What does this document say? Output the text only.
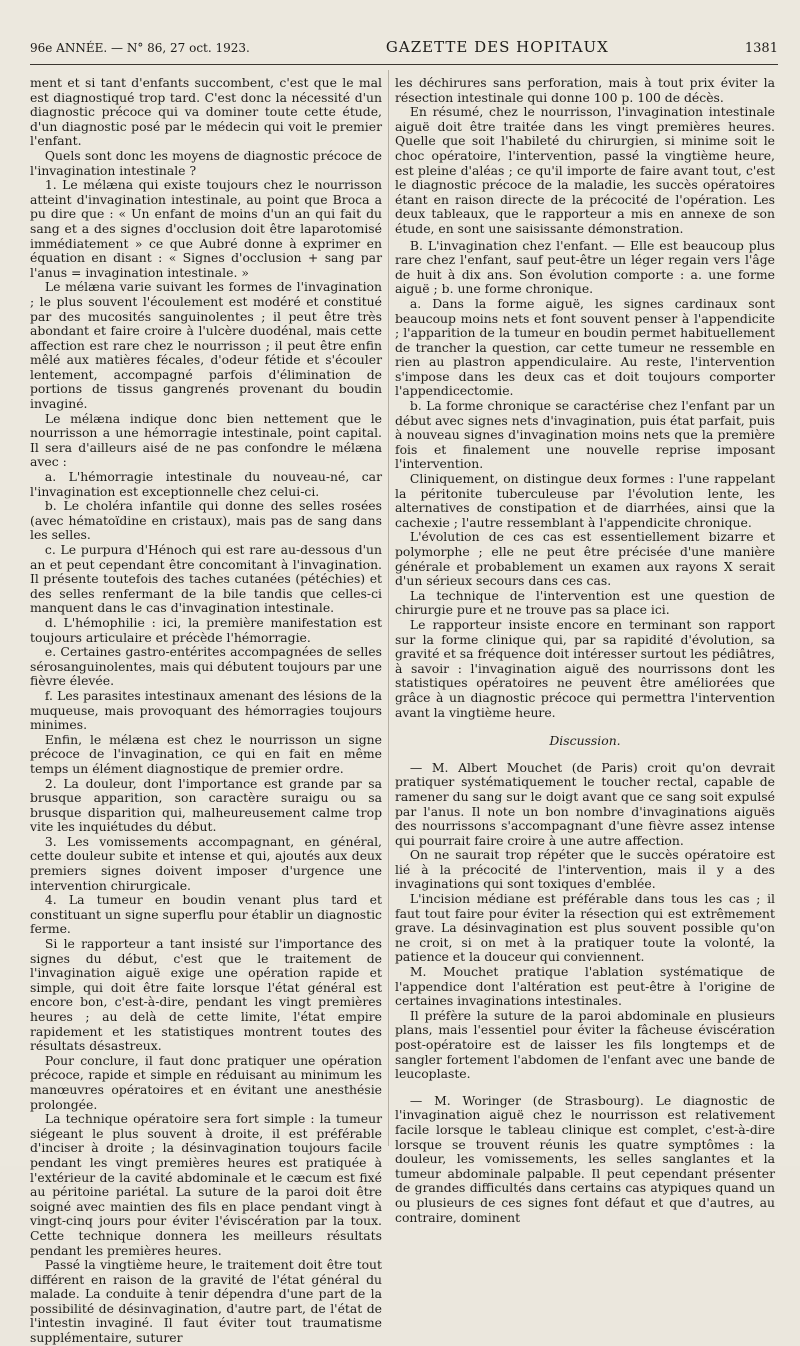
96e ANNÉE. — N° 86, 27 oct. 1923.	GAZETTE DES HOPITAUX	1381

ment et si tant d'enfants succombent, c'est que le mal est diagnostiqué trop tard. C'est donc la nécessité d'un diagnostic précoce qui va dominer toute cette étude, d'un diagnostic posé par le médecin qui voit le premier l'enfant.

Quels sont donc les moyens de diagnostic précoce de l'invagination intestinale ?

1. Le mélæna qui existe toujours chez le nourrisson atteint d'invagination intestinale, au point que Broca a pu dire que : « Un enfant de moins d'un an qui fait du sang et a des signes d'occlusion doit être laparotomisé immédiatement » ce que Aubré donne à exprimer en équation en disant : « Signes d'occlusion + sang par l'anus = invagination intestinale. »

Le mélæna varie suivant les formes de l'invagination ; le plus souvent l'écoulement est modéré et constitué par des mucosités sanguinolentes ; il peut être très abondant et faire croire à l'ulcère duodénal, mais cette affection est rare chez le nourrisson ; il peut être enfin mêlé aux matières fécales, d'odeur fétide et s'écouler lentement, accompagné parfois d'élimination de portions de tissus gangrenés provenant du boudin invaginé.

Le mélæna indique donc bien nettement que le nourrisson a une hémorragie intestinale, point capital. Il sera d'ailleurs aisé de ne pas confondre le mélæna avec :

a. L'hémorragie intestinale du nouveau-né, car l'invagination est exceptionnelle chez celui-ci.

b. Le choléra infantile qui donne des selles rosées (avec hématoïdine en cristaux), mais pas de sang dans les selles.

c. Le purpura d'Hénoch qui est rare au-dessous d'un an et peut cependant être concomitant à l'invagination. Il présente toutefois des taches cutanées (pétéchies) et des selles renfermant de la bile tandis que celles-ci manquent dans le cas d'invagination intestinale.

d. L'hémophilie : ici, la première manifestation est toujours articulaire et précède l'hémorragie.

e. Certaines gastro-entérites accompagnées de selles sérosanguinolentes, mais qui débutent toujours par une fièvre élevée.

f. Les parasites intestinaux amenant des lésions de la muqueuse, mais provoquant des hémorragies toujours minimes.

Enfin, le mélæna est chez le nourrisson un signe précoce de l'invagination, ce qui en fait en même temps un élément diagnostique de premier ordre.

2. La douleur, dont l'importance est grande par sa brusque apparition, son caractère suraigu ou sa brusque disparition qui, malheureusement calme trop vite les inquiétudes du début.

3. Les vomissements accompagnant, en général, cette douleur subite et intense et qui, ajoutés aux deux premiers signes doivent imposer d'urgence une intervention chirurgicale.

4. La tumeur en boudin venant plus tard et constituant un signe superflu pour établir un diagnostic ferme.

Si le rapporteur a tant insisté sur l'importance des signes du début, c'est que le traitement de l'invagination aiguë exige une opération rapide et simple, qui doit être faite lorsque l'état général est encore bon, c'est-à-dire, pendant les vingt premières heures ; au delà de cette limite, l'état empire rapidement et les statistiques montrent toutes des résultats désastreux.

Pour conclure, il faut donc pratiquer une opération précoce, rapide et simple en réduisant au minimum les manœuvres opératoires et en évitant une anesthésie prolongée.

La technique opératoire sera fort simple : la tumeur siégeant le plus souvent à droite, il est préférable d'inciser à droite ; la désinvagination toujours facile pendant les vingt premières heures est pratiquée à l'extérieur de la cavité abdominale et le cæcum est fixé au péritoine pariétal. La suture de la paroi doit être soigné avec maintien des fils en place pendant vingt à vingt-cinq jours pour éviter l'éviscération par la toux. Cette technique donnera les meilleurs résultats pendant les premières heures.

Passé la vingtième heure, le traitement doit être tout différent en raison de la gravité de l'état général du malade. La conduite à tenir dépendra d'une part de la possibilité de désinvagination, d'autre part, de l'état de l'intestin invaginé. Il faut éviter tout traumatisme supplémentaire, suturer

les déchirures sans perforation, mais à tout prix éviter la résection intestinale qui donne 100 p. 100 de décès.

En résumé, chez le nourrisson, l'invagination intestinale aiguë doit être traitée dans les vingt premières heures. Quelle que soit l'habileté du chirurgien, si minime soit le choc opératoire, l'intervention, passé la vingtième heure, est pleine d'aléas ; ce qu'il importe de faire avant tout, c'est le diagnostic précoce de la maladie, les succès opératoires étant en raison directe de la précocité de l'opération. Les deux tableaux, que le rapporteur a mis en annexe de son étude, en sont une saisissante démonstration.

B. L'invagination chez l'enfant. — Elle est beaucoup plus rare chez l'enfant, sauf peut-être un léger regain vers l'âge de huit à dix ans. Son évolution comporte : a. une forme aiguë ; b. une forme chronique.

a. Dans la forme aiguë, les signes cardinaux sont beaucoup moins nets et font souvent penser à l'appendicite ; l'apparition de la tumeur en boudin permet habituellement de trancher la question, car cette tumeur ne ressemble en rien au plastron appendiculaire. Au reste, l'intervention s'impose dans les deux cas et doit toujours comporter l'appendicectomie.

b. La forme chronique se caractérise chez l'enfant par un début avec signes nets d'invagination, puis état parfait, puis à nouveau signes d'invagination moins nets que la première fois et finalement une nouvelle reprise imposant l'intervention.

Cliniquement, on distingue deux formes : l'une rappelant la péritonite tuberculeuse par l'évolution lente, les alternatives de constipation et de diarrhées, ainsi que la cachexie ; l'autre ressemblant à l'appendicite chronique.

L'évolution de ces cas est essentiellement bizarre et polymorphe ; elle ne peut être précisée d'une manière générale et probablement un examen aux rayons X serait d'un sérieux secours dans ces cas.

La technique de l'intervention est une question de chirurgie pure et ne trouve pas sa place ici.

Le rapporteur insiste encore en terminant son rapport sur la forme clinique qui, par sa rapidité d'évolution, sa gravité et sa fréquence doit intéresser surtout les pédiâtres, à savoir : l'invagination aiguë des nourrissons dont les statistiques opératoires ne peuvent être améliorées que grâce à un diagnostic précoce qui permettra l'intervention avant la vingtième heure.

Discussion.

— M. Albert Mouchet (de Paris) croit qu'on devrait pratiquer systématiquement le toucher rectal, capable de ramener du sang sur le doigt avant que ce sang soit expulsé par l'anus. Il note un bon nombre d'invaginations aiguës des nourrissons s'accompagnant d'une fièvre assez intense qui pourrait faire croire à une autre affection.

On ne saurait trop répéter que le succès opératoire est lié à la précocité de l'intervention, mais il y a des invaginations qui sont toxiques d'emblée.

L'incision médiane est préférable dans tous les cas ; il faut tout faire pour éviter la résection qui est extrêmement grave. La désinvagination est plus souvent possible qu'on ne croit, si on met à la pratiquer toute la volonté, la patience et la douceur qui conviennent.

M. Mouchet pratique l'ablation systématique de l'appendice dont l'altération est peut-être à l'origine de certaines invaginations intestinales.

Il préfère la suture de la paroi abdominale en plusieurs plans, mais l'essentiel pour éviter la fâcheuse éviscération post-opératoire est de laisser les fils longtemps et de sangler fortement l'abdomen de l'enfant avec une bande de leucoplaste.

— M. Woringer (de Strasbourg). Le diagnostic de l'invagination aiguë chez le nourrisson est relativement facile lorsque le tableau clinique est complet, c'est-à-dire lorsque se trouvent réunis les quatre symptômes : la douleur, les vomissements, les selles sanglantes et la tumeur abdominale palpable. Il peut cependant présenter de grandes difficultés dans certains cas atypiques quand un ou plusieurs de ces signes font défaut et que d'autres, au contraire, dominent
